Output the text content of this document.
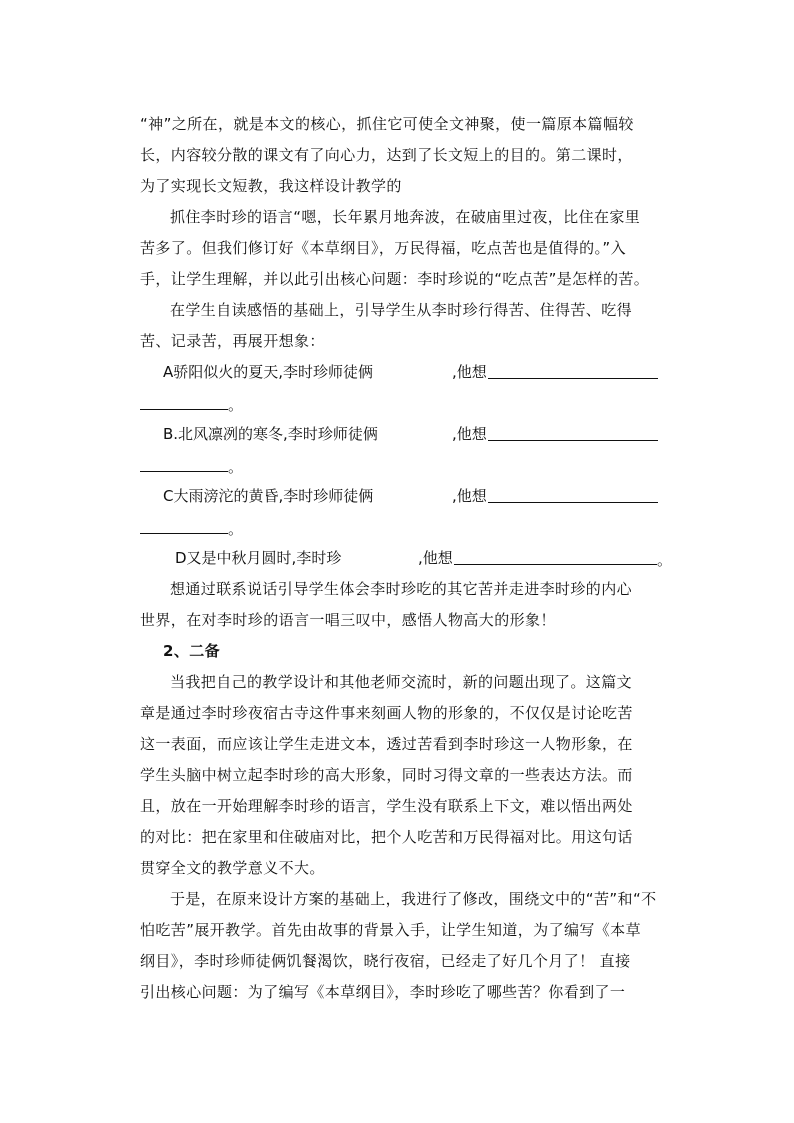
“神”之所在，就是本文的核心，抓住它可使全文神聚，使一篇原本篇幅较
长，内容较分散的课文有了向心力，达到了长文短上的目的。第二课时，
为了实现长文短教，我这样设计教学的
抓住李时珍的语言“嗯，长年累月地奔波，在破庙里过夜，比住在家里
苦多了。但我们修订好《本草纲目》，万民得福，吃点苦也是值得的。”入
手，让学生理解，并以此引出核心问题：李时珍说的“吃点苦”是怎样的苦。
在学生自读感悟的基础上，引导学生从李时珍行得苦、住得苦、吃得
苦、记录苦，再展开想象：
A骄阳似火的夏天,李时珍师徒俩	,他想
。
B.北风凛冽的寒冬,李时珍师徒俩	,他想
。
C大雨滂沱的黄昏,李时珍师徒俩	,他想
。
D又是中秋月圆时,李时珍	,他想	。
想通过联系说话引导学生体会李时珍吃的其它苦并走进李时珍的内心
世界，在对李时珍的语言一唱三叹中，感悟人物高大的形象！
2、二备
当我把自己的教学设计和其他老师交流时，新的问题出现了。这篇文
章是通过李时珍夜宿古寺这件事来刻画人物的形象的，不仅仅是讨论吃苦
这一表面，而应该让学生走进文本，透过苦看到李时珍这一人物形象，在
学生头脑中树立起李时珍的高大形象，同时习得文章的一些表达方法。而
且，放在一开始理解李时珍的语言，学生没有联系上下文，难以悟出两处
的对比：把在家里和住破庙对比，把个人吃苦和万民得福对比。用这句话
贯穿全文的教学意义不大。
于是，在原来设计方案的基础上，我进行了修改，围绕文中的“苦”和“不
怕吃苦”展开教学。首先由故事的背景入手，让学生知道，为了编写《本草
纲目》，李时珍师徒俩饥餐渴饮，晓行夜宿，已经走了好几个月了！ 直接
引出核心问题：为了编写《本草纲目》，李时珍吃了哪些苦？你看到了一
